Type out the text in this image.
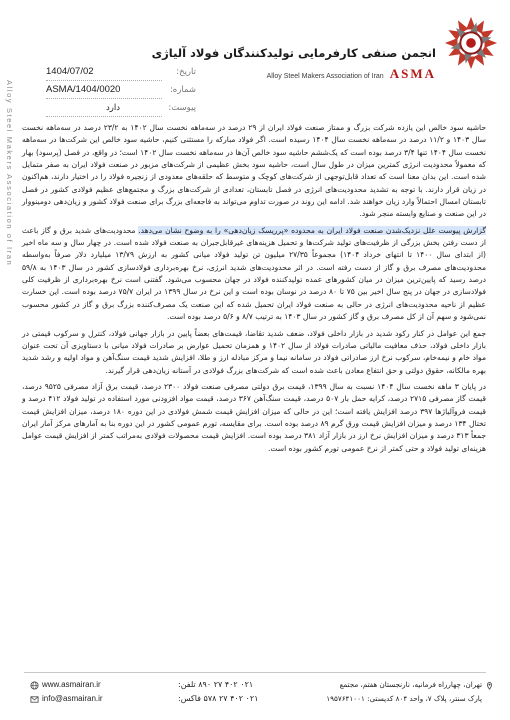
Alloy Steel Makers Association of Iran
انجمن صنفی کارفرمایی تولیدکنندگان فولاد آلیاژی
Alloy Steel Makers Association of Iran ASMA
1404/07/02	تاریخ:
ASMA/1404/0020	شماره:
دارد	پیوست:

حاشیه سود خالص این یازده شرکت بزرگ و ممتاز صنعت فولاد ایران از ۲۹ درصد در سه‌ماهه نخست سال ۱۴۰۲ به ۲۳/۲ درصد در سه‌ماهه نخست سال ۱۴۰۳ و ۱۱/۲ درصد در سه‌ماهه نخست سال ۱۴۰۴ رسیده است. اگر فولاد مبارکه را مستثنی کنیم، حاشیه سود خالص این شرکت‌ها در سه‌ماهه نخست سال ۱۴۰۴ تنها ۳/۴ درصد بوده است که یک‌ششم حاشیه سود خالص آن‌ها در سه‌ماهه نخست سال ۱۴۰۲ است؛ در واقع، در فصل (پرسود) بهار که معمولاً محدودیت انرژی کمترین میزان در طول سال است، حاشیه سود بخش عظیمی از شرکت‌های مزبور در صنعت فولاد ایران به صفر متمایل شده است. این بدان معنا است که تعداد قابل‌توجهی از شرکت‌های کوچک و متوسط که حلقه‌های معدودی از زنجیره فولاد را در اختیار دارند، هم‌اکنون در زیان قرار دارند. با توجه به تشدید محدودیت‌های انرژی در فصل تابستان، تعدادی از شرکت‌های بزرگ و مجتمع‌های عظیم فولادی کشور در فصل تابستان امسال احتمالاً وارد زیان خواهند شد. ادامه این روند در صورت تداوم می‌تواند به فاجعه‌ای بزرگ برای صنعت فولاد کشور و زیان‌دهی دومینووار در این صنعت و صنایع وابسته منجر شود.

گزارش پیوست علل نزدیک‌شدن صنعت فولاد ایران به محدوده «پرریسک زیان‌دهی» را به وضوح نشان می‌دهد. محدودیت‌های شدید برق و گاز باعث از دست رفتن بخش بزرگی از ظرفیت‌های تولید شرکت‌ها و تحمیل هزینه‌های غیرقابل‌جبران به صنعت فولاد شده است. در چهار سال و سه ماه اخیر (از ابتدای سال ۱۴۰۰ تا انتهای خرداد ۱۴۰۴) مجموعاً ۲۷/۳۵ میلیون تن تولید فولاد میانی کشور به ارزش ۱۳/۷۹ میلیارد دلار صرفاً به‌واسطه محدودیت‌های مصرف برق و گاز از دست رفته است. در اثر محدودیت‌های شدید انرژی، نرخ بهره‌برداری فولادسازی کشور در سال ۱۴۰۳ به ۵۹/۸ درصد رسید که پایین‌ترین میزان در میان کشورهای عمده تولیدکننده فولاد در جهان محسوب می‌شود. گفتنی است نرخ بهره‌برداری از ظرفیت کلی فولادسازی در جهان در پنج سال اخیر بین ۷۵ تا ۸۰ درصد در نوسان بوده است و این نرخ در سال ۱۳۹۹ در ایران ۷۵/۷ درصد بوده است. این خسارت عظیم از ناحیه محدودیت‌های انرژی در حالی به صنعت فولاد ایران تحمیل شده که این صنعت یک مصرف‌کننده بزرگ برق و گاز در کشور محسوب نمی‌شود و سهم آن از کل مصرف برق و گاز کشور در سال ۱۴۰۳ به ترتیب ۸/۷ و ۵/۶ درصد بوده است.

جمع این عوامل در کنار رکود شدید در بازار داخلی فولاد، ضعف شدید تقاضا، قیمت‌های بعضاً پایین در بازار جهانی فولاد، کنترل و سرکوب قیمتی در بازار داخلی فولاد، حذف معافیت مالیاتی صادرات فولاد از سال ۱۴۰۲ و همزمان تحمیل عوارض بر صادرات فولاد میانی با دستاویزی آن تحت عنوان مواد خام و نیمه‌خام، سرکوب نرخ ارز صادراتی فولاد در سامانه نیما و مرکز مبادله ارز و طلا، افزایش شدید قیمت سنگ‌آهن و مواد اولیه و رشد شدید بهره مالکانه، حقوق دولتی و حق انتفاع معادن باعث شده است که شرکت‌های بزرگ فولادی در آستانه زیان‌دهی قرار گیرند.

در پایان ۳ ماهه نخست سال ۱۴۰۴ نسبت به سال ۱۳۹۹، قیمت برق دولتی مصرفی صنعت فولاد ۲۳۰۰ درصد، قیمت برق آزاد مصرفی ۹۵۲۵ درصد، قیمت گاز مصرفی ۲۷۱۵ درصد، کرایه حمل بار ۵۰۷ درصد، قیمت سنگ‌آهن ۳۶۷ درصد، قیمت مواد افزودنی مورد استفاده در تولید فولاد ۴۱۲ درصد و قیمت فروآلیاژها ۳۹۷ درصد افزایش یافته است؛ این در حالی که میزان افزایش قیمت شمش فولادی در این دوره ۱۸۰ درصد، میزان افزایش قیمت تختال ۱۳۴ درصد و میزان افزایش قیمت ورق گرم ۸۹ درصد بوده است. برای مقایسه، تورم عمومی کشور در این دوره بنا به آمارهای مرکز آمار ایران جمعاً ۳۱۳ درصد و میزان افزایش نرخ ارز در بازار آزاد ۳۸۱ درصد بوده است. افزایش قیمت محصولات فولادی به‌مراتب کمتر از افزایش قیمت عوامل هزینه‌ای تولید فولاد و حتی کمتر از نرخ عمومی تورم کشور بوده است.

www.asmairan.ir
info@asmairan.ir
۰۲۱ ۴۰۲ ۲۷ ۸۹۰ تلفن:
۰۲۱ ۴۰۲ ۲۷ ۵۷۸ فاکس:
تهران، چهارراه فرمانیه، نارنجستان هفتم، مجتمع
پارک سنتر، پلاک ۷، واحد ۸۰۴ کدپستی: ۱۹۵۷۶۴۱۰۰۱
